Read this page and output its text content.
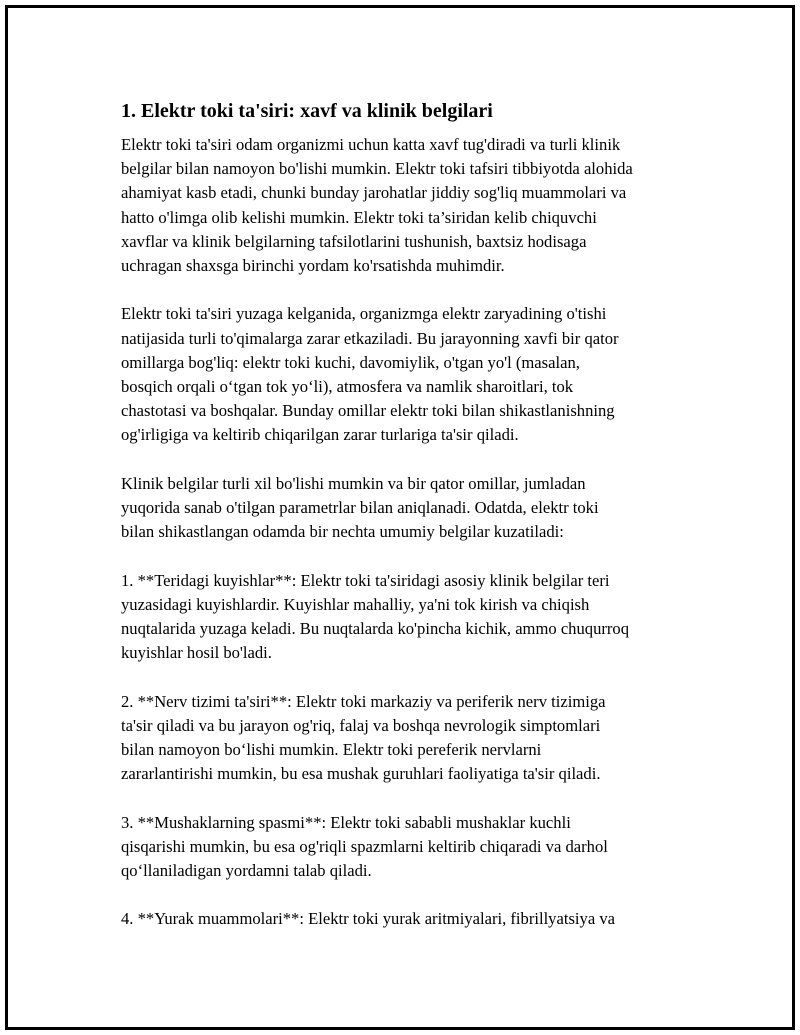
1. Elektr toki ta'siri: xavf va klinik belgilari

Elektr toki ta'siri odam organizmi uchun katta xavf tug'diradi va turli klinik
belgilar bilan namoyon bo'lishi mumkin. Elektr toki tafsiri tibbiyotda alohida
ahamiyat kasb etadi, chunki bunday jarohatlar jiddiy sog'liq muammolari va
hatto o'limga olib kelishi mumkin. Elektr toki ta’siridan kelib chiquvchi
xavflar va klinik belgilarning tafsilotlarini tushunish, baxtsiz hodisaga
uchragan shaxsga birinchi yordam ko'rsatishda muhimdir.

Elektr toki ta'siri yuzaga kelganida, organizmga elektr zaryadining o'tishi
natijasida turli to'qimalarga zarar etkaziladi. Bu jarayonning xavfi bir qator
omillarga bog'liq: elektr toki kuchi, davomiylik, o'tgan yo'l (masalan,
bosqich orqali o‘tgan tok yo‘li), atmosfera va namlik sharoitlari, tok
chastotasi va boshqalar. Bunday omillar elektr toki bilan shikastlanishning
og'irligiga va keltirib chiqarilgan zarar turlariga ta'sir qiladi.

Klinik belgilar turli xil bo'lishi mumkin va bir qator omillar, jumladan
yuqorida sanab o'tilgan parametrlar bilan aniqlanadi. Odatda, elektr toki
bilan shikastlangan odamda bir nechta umumiy belgilar kuzatiladi:

1. **Teridagi kuyishlar**: Elektr toki ta'siridagi asosiy klinik belgilar teri
yuzasidagi kuyishlardir. Kuyishlar mahalliy, ya'ni tok kirish va chiqish
nuqtalarida yuzaga keladi. Bu nuqtalarda ko'pincha kichik, ammo chuqurroq
kuyishlar hosil bo'ladi.

2. **Nerv tizimi ta'siri**: Elektr toki markaziy va periferik nerv tizimiga
ta'sir qiladi va bu jarayon og'riq, falaj va boshqa nevrologik simptomlari
bilan namoyon bo‘lishi mumkin. Elektr toki pereferik nervlarni
zararlantirishi mumkin, bu esa mushak guruhlari faoliyatiga ta'sir qiladi.

3. **Mushaklarning spasmi**: Elektr toki sababli mushaklar kuchli
qisqarishi mumkin, bu esa og'riqli spazmlarni keltirib chiqaradi va darhol
qo‘llaniladigan yordamni talab qiladi.

4. **Yurak muammolari**: Elektr toki yurak aritmiyalari, fibrillyatsiya va
